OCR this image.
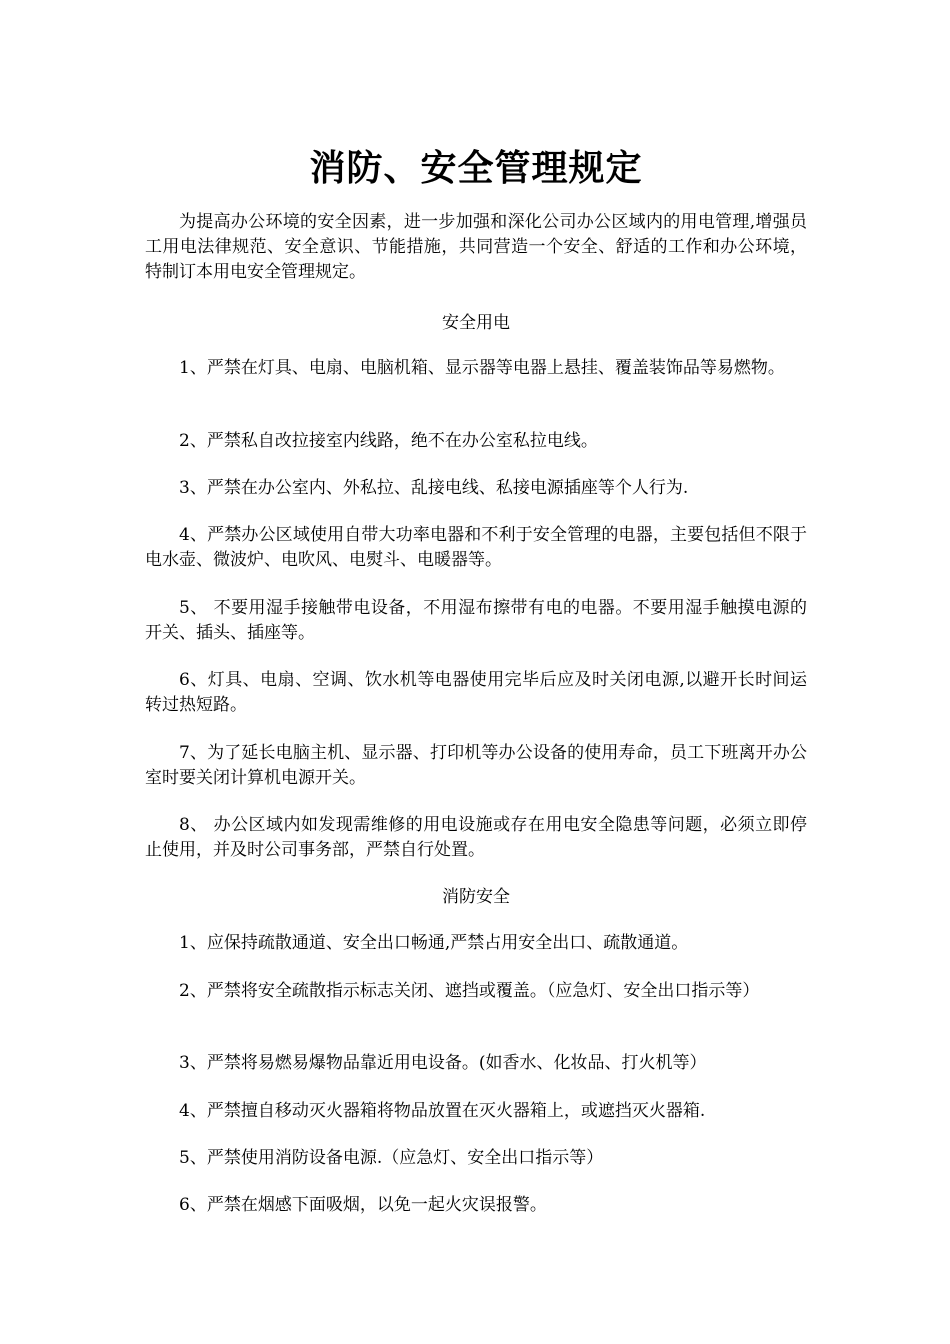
消防、安全管理规定

为提高办公环境的安全因素，进一步加强和深化公司办公区域内的用电管理,增强员工用电法律规范、安全意识、节能措施，共同营造一个安全、舒适的工作和办公环境，特制订本用电安全管理规定。

安全用电

1、严禁在灯具、电扇、电脑机箱、显示器等电器上悬挂、覆盖装饰品等易燃物。

2、严禁私自改拉接室内线路，绝不在办公室私拉电线。

3、严禁在办公室内、外私拉、乱接电线、私接电源插座等个人行为.

4、严禁办公区域使用自带大功率电器和不利于安全管理的电器，主要包括但不限于电水壶、微波炉、电吹风、电熨斗、电暖器等。

5、 不要用湿手接触带电设备，不用湿布擦带有电的电器。不要用湿手触摸电源的开关、插头、插座等。

6、灯具、电扇、空调、饮水机等电器使用完毕后应及时关闭电源,以避开长时间运转过热短路。

7、为了延长电脑主机、显示器、打印机等办公设备的使用寿命，员工下班离开办公室时要关闭计算机电源开关。

8、 办公区域内如发现需维修的用电设施或存在用电安全隐患等问题，必须立即停止使用，并及时公司事务部，严禁自行处置。

消防安全

1、应保持疏散通道、安全出口畅通,严禁占用安全出口、疏散通道。

2、严禁将安全疏散指示标志关闭、遮挡或覆盖。（应急灯、安全出口指示等）

3、严禁将易燃易爆物品靠近用电设备。(如香水、化妆品、打火机等）

4、严禁擅自移动灭火器箱将物品放置在灭火器箱上，或遮挡灭火器箱.

5、严禁使用消防设备电源.（应急灯、安全出口指示等）

6、严禁在烟感下面吸烟，以免一起火灾误报警。
